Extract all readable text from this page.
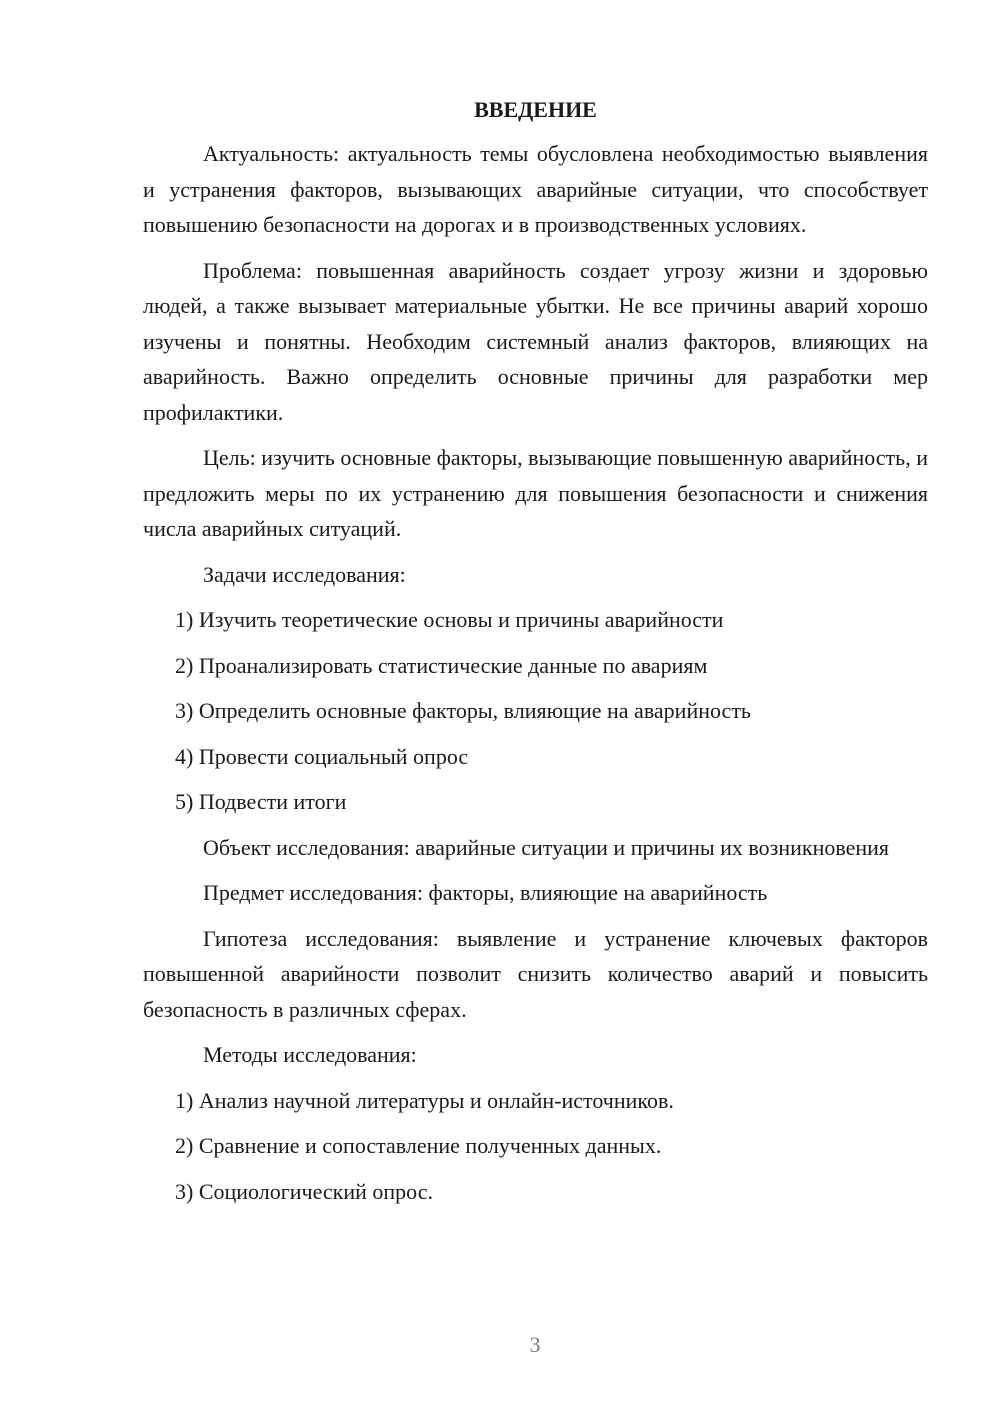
ВВЕДЕНИЕ

Актуальность: актуальность темы обусловлена необходимостью выявления и устранения факторов, вызывающих аварийные ситуации, что способствует повышению безопасности на дорогах и в производственных условиях.

Проблема: повышенная аварийность создает угрозу жизни и здоровью людей, а также вызывает материальные убытки. Не все причины аварий хорошо изучены и понятны. Необходим системный анализ факторов, влияющих на аварийность. Важно определить основные причины для разработки мер профилактики.

Цель: изучить основные факторы, вызывающие повышенную аварийность, и предложить меры по их устранению для повышения безопасности и снижения числа аварийных ситуаций.

Задачи исследования:

1) Изучить теоретические основы и причины аварийности

2) Проанализировать статистические данные по авариям

3) Определить основные факторы, влияющие на аварийность

4) Провести социальный опрос

5) Подвести итоги

Объект исследования: аварийные ситуации и причины их возникновения

Предмет исследования: факторы, влияющие на аварийность

Гипотеза исследования: выявление и устранение ключевых факторов повышенной аварийности позволит снизить количество аварий и повысить безопасность в различных сферах.

Методы исследования:

1) Анализ научной литературы и онлайн-источников.

2) Сравнение и сопоставление полученных данных.

3) Социологический опрос.

3
